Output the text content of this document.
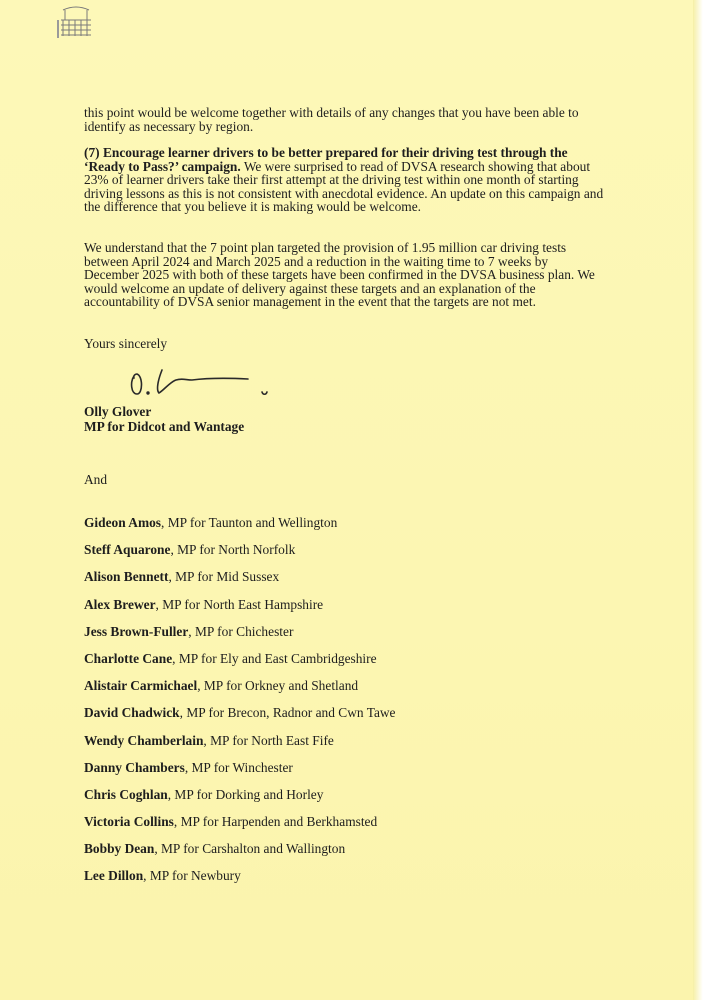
this point would be welcome together with details of any changes that you have been able to identify as necessary by region.

(7) Encourage learner drivers to be better prepared for their driving test through the ‘Ready to Pass?’ campaign. We were surprised to read of DVSA research showing that about 23% of learner drivers take their first attempt at the driving test within one month of starting driving lessons as this is not consistent with anecdotal evidence. An update on this campaign and the difference that you believe it is making would be welcome.

We understand that the 7 point plan targeted the provision of 1.95 million car driving tests between April 2024 and March 2025 and a reduction in the waiting time to 7 weeks by December 2025 with both of these targets have been confirmed in the DVSA business plan. We would welcome an update of delivery against these targets and an explanation of the accountability of DVSA senior management in the event that the targets are not met.

Yours sincerely

Olly Glover

MP for Didcot and Wantage

And

Gideon Amos, MP for Taunton and Wellington
Steff Aquarone, MP for North Norfolk
Alison Bennett, MP for Mid Sussex
Alex Brewer, MP for North East Hampshire
Jess Brown-Fuller, MP for Chichester
Charlotte Cane, MP for Ely and East Cambridgeshire
Alistair Carmichael, MP for Orkney and Shetland
David Chadwick, MP for Brecon, Radnor and Cwn Tawe
Wendy Chamberlain, MP for North East Fife
Danny Chambers, MP for Winchester
Chris Coghlan, MP for Dorking and Horley
Victoria Collins, MP for Harpenden and Berkhamsted
Bobby Dean, MP for Carshalton and Wallington
Lee Dillon, MP for Newbury
